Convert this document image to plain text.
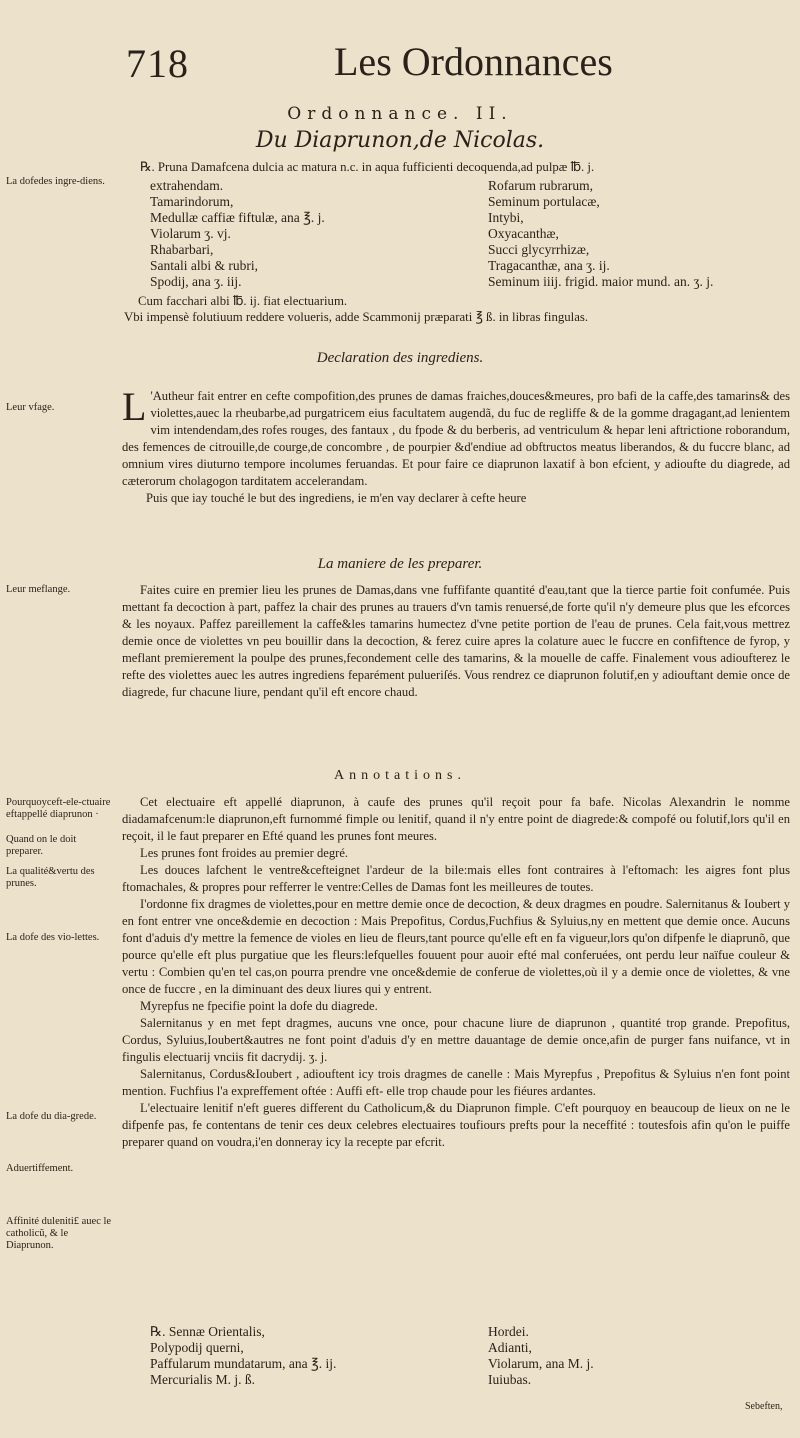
718	Les Ordonnances
Ordonnance. II.
Du Diaprunon,de Nicolas.
La dofedes ingre-diens.
Leur vfage.
Leur meflange.
Pourquoyceft-ele-ctuaire eftappellé diaprunon ·
Quand on le doit preparer.
La qualité&vertu des prunes.
La dofe des vio-lettes.
La dofe du dia-grede.
Aduertiffement.
Affinité duleniti£ auec le catholicũ, & le Diaprunon.
℞. Pruna Damafcena dulcia ac matura n.c. in aqua fufficienti decoquenda,ad pulpæ ℔. j.
extrahendam.
Tamarindorum,
Medullæ caffiæ fiftulæ, ana ℥. j.
Violarum ʒ. vj.
Rhabarbari,
Santali albi & rubri,
Spodij, ana ʒ. iij.
Rofarum rubrarum,
Seminum portulacæ,
Intybi,
Oxyacanthæ,
Succi glycyrrhizæ,
Tragacanthæ, ana ʒ. ij.
Seminum iiij. frigid. maior mund. an. ʒ. j.
Cum facchari albi ℔. ij. fiat electuarium.
Vbi impensè folutiuum reddere volueris, adde Scammonij præparati ℥ ß. in libras fingulas.
Declaration des ingrediens.

L 'Autheur fait entrer en cefte compofition,des prunes de damas fraiches,douces&meures, pro bafi de la caffe,des tamarins& des violettes,auec la rheubarbe,ad purgatricem eius facultatem augendã, du fuc de regliffe & de la gomme dragagant,ad lenientem vim intendendam,des rofes rouges, des fantaux , du fpode & du berberis, ad ventriculum & hepar leni aftrictione roborandum, des femences de citrouille,de courge,de concombre , de pourpier &d'endiue ad obftructos meatus liberandos, & du fuccre blanc, ad omnium vires diuturno tempore incolumes feruandas. Et pour faire ce diaprunon laxatif à bon efcient, y adioufte du diagrede, ad cæterorum cholagogon tarditatem accelerandam.

Puis que iay touché le but des ingrediens, ie m'en vay declarer à cefte heure

La maniere de les preparer.

Faites cuire en premier lieu les prunes de Damas,dans vne fuffifante quantité d'eau,tant que la tierce partie foit confumée. Puis mettant fa decoction à part, paffez la chair des prunes au trauers d'vn tamis renuersé,de forte qu'il n'y demeure plus que les efcorces & les noyaux. Paffez pareillement la caffe&les tamarins humectez d'vne petite portion de l'eau de prunes. Cela fait,vous mettrez demie once de violettes vn peu bouillir dans la decoction, & ferez cuire apres la colature auec le fuccre en confiftence de fyrop, y meflant premierement la poulpe des prunes,fecondement celle des tamarins, & la mouelle de caffe. Finalement vous adioufterez le refte des violettes auec les autres ingrediens feparément pulueriſés. Vous rendrez ce diaprunon folutif,en y adiouftant demie once de diagrede, fur chacune liure, pendant qu'il eft encore chaud.

Annotations.

Cet electuaire eft appellé diaprunon, à caufe des prunes qu'il reçoit pour fa bafe. Nicolas Alexandrin le nomme diadamafcenum:le diaprunon,eft furnommé fimple ou lenitif, quand il n'y entre point de diagrede:& compofé ou folutif,lors qu'il en reçoit, il le faut preparer en Efté quand les prunes font meures.

Les prunes font froides au premier degré.

Les douces lafchent le ventre&cefteignet l'ardeur de la bile:mais elles font contraires à l'eftomach: les aigres font plus ftomachales, & propres pour refferrer le ventre:Celles de Damas font les meilleures de toutes.

I'ordonne fix dragmes de violettes,pour en mettre demie once de decoction, & deux dragmes en poudre. Salernitanus & Ioubert y en font entrer vne once&demie en decoction : Mais Prepofitus, Cordus,Fuchfius & Syluius,ny en mettent que demie once. Aucuns font d'aduis d'y mettre la femence de violes en lieu de fleurs,tant pource qu'elle eft en fa vigueur,lors qu'on difpenfe le diaprunõ, que pource qu'elle eft plus purgatiue que les fleurs:lefquelles fouuent pour auoir efté mal conferuées, ont perdu leur naïfue couleur & vertu : Combien qu'en tel cas,on pourra prendre vne once&demie de conferue de violettes,où il y a demie once de violettes, & vne once de fuccre , en la diminuant des deux liures qui y entrent.

Myrepfus ne fpecifie point la dofe du diagrede.

Salernitanus y en met fept dragmes, aucuns vne once, pour chacune liure de diaprunon , quantité trop grande. Prepofitus, Cordus, Syluius,Ioubert&autres ne font point d'aduis d'y en mettre dauantage de demie once,afin de purger fans nuifance, vt in fingulis electuarij vnciis fit dacrydij. ʒ. j.

Salernitanus, Cordus&Ioubert , adiouftent icy trois dragmes de canelle : Mais Myrepfus , Prepofitus & Syluius n'en font point mention. Fuchfius l'a expreffement oftée : Auffi eft- elle trop chaude pour les fiéures ardantes.

L'electuaire lenitif n'eft gueres different du Catholicum,& du Diaprunon fimple. C'eft pourquoy en beaucoup de lieux on ne le difpenfe pas, fe contentans de tenir ces deux celebres electuaires toufiours prefts pour la neceffité : toutesfois afin qu'on le puiffe preparer quand on voudra,i'en donneray icy la recepte par efcrit.

℞. Sennæ Orientalis,
Polypodij querni,
Paffularum mundatarum, ana ℥. ij.
Mercurialis M. j. ß.
Hordei.
Adianti,
Violarum, ana M. j.
Iuiubas.
Sebeften,
